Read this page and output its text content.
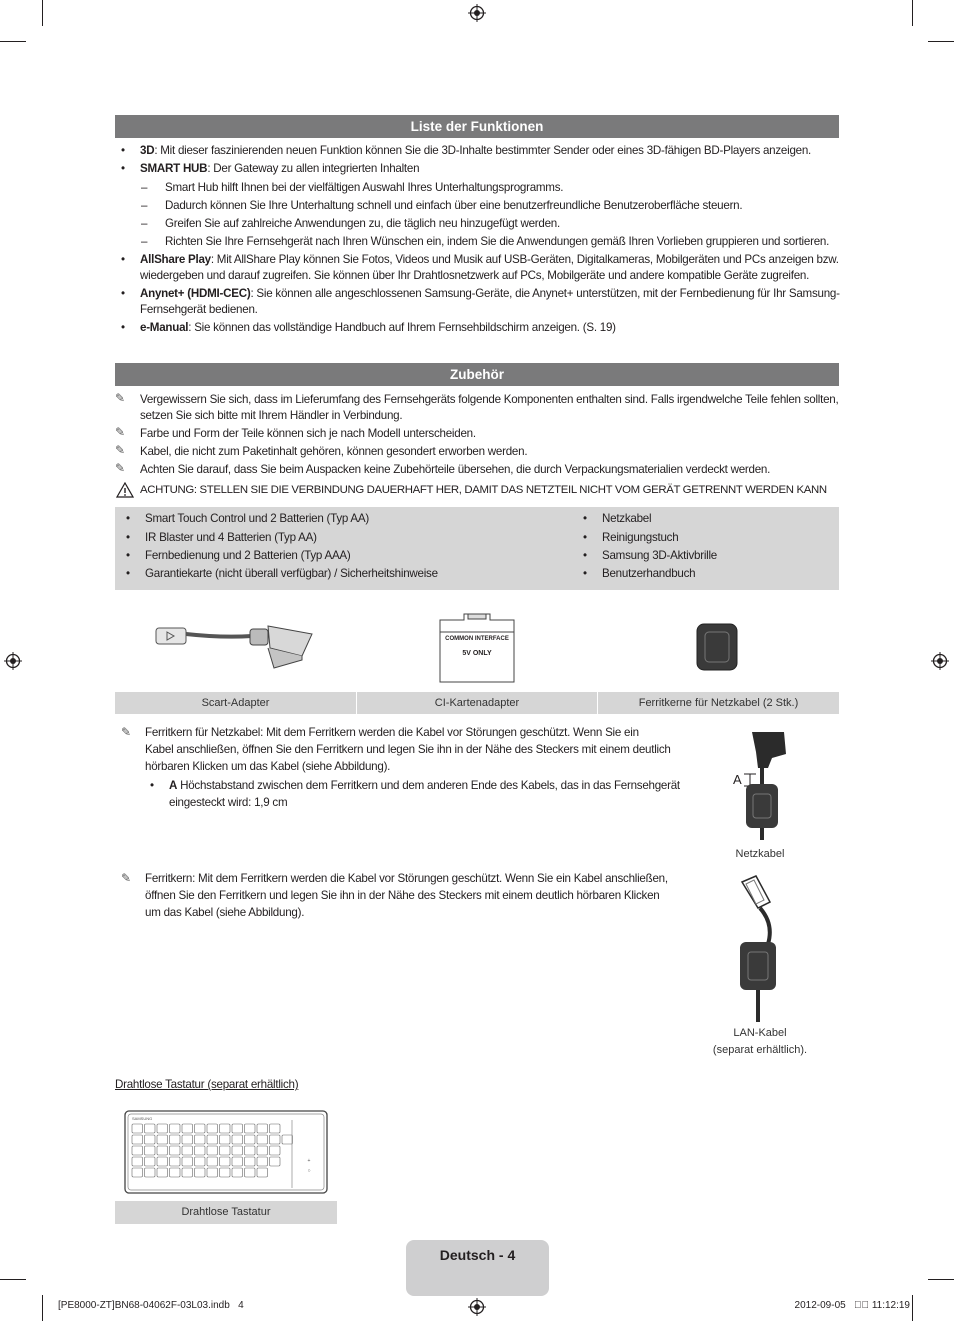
Liste der Funktionen
• 3D: Mit dieser faszinierenden neuen Funktion können Sie die 3D-Inhalte bestimmter Sender oder eines 3D-fähigen BD-Players anzeigen.
• SMART HUB: Der Gateway zu allen integrierten Inhalten
– Smart Hub hilft Ihnen bei der vielfältigen Auswahl Ihres Unterhaltungsprogramms.
– Dadurch können Sie Ihre Unterhaltung schnell und einfach über eine benutzerfreundliche Benutzeroberfläche steuern.
– Greifen Sie auf zahlreiche Anwendungen zu, die täglich neu hinzugefügt werden.
– Richten Sie Ihre Fernsehgerät nach Ihren Wünschen ein, indem Sie die Anwendungen gemäß Ihren Vorlieben gruppieren und sortieren.
• AllShare Play: Mit AllShare Play können Sie Fotos, Videos und Musik auf USB-Geräten, Digitalkameras, Mobilgeräten und PCs anzeigen bzw.
wiedergeben und darauf zugreifen. Sie können über Ihr Drahtlosnetzwerk auf PCs, Mobilgeräte und andere kompatible Geräte zugreifen.
• Anynet+ (HDMI-CEC): Sie können alle angeschlossenen Samsung-Geräte, die Anynet+ unterstützen, mit der Fernbedienung für Ihr Samsung-
Fernsehgerät bedienen.
• e-Manual: Sie können das vollständige Handbuch auf Ihrem Fernsehbildschirm anzeigen. (S. 19)
Zubehör
✎ Vergewissern Sie sich, dass im Lieferumfang des Fernsehgeräts folgende Komponenten enthalten sind. Falls irgendwelche Teile fehlen sollten,
setzen Sie sich bitte mit Ihrem Händler in Verbindung.
✎ Farbe und Form der Teile können sich je nach Modell unterscheiden.
✎ Kabel, die nicht zum Paketinhalt gehören, können gesondert erworben werden.
✎ Achten Sie darauf, dass Sie beim Auspacken keine Zubehörteile übersehen, die durch Verpackungsmaterialien verdeckt werden.
ACHTUNG: STELLEN SIE DIE VERBINDUNG DAUERHAFT HER, DAMIT DAS NETZTEIL NICHT VOM GERÄT GETRENNT WERDEN KANN
• Smart Touch Control und 2 Batterien (Typ AA)
• IR Blaster und 4 Batterien (Typ AA)
• Fernbedienung und 2 Batterien (Typ AAA)
• Garantiekarte (nicht überall verfügbar) / Sicherheitshinweise
• Netzkabel
• Reinigungstuch
• Samsung 3D-Aktivbrille
• Benutzerhandbuch
COMMON INTERFACE
5V ONLY
Scart-Adapter	CI-Kartenadapter	Ferritkerne für Netzkabel (2 Stk.)
✎ Ferritkern für Netzkabel: Mit dem Ferritkern werden die Kabel vor Störungen geschützt. Wenn Sie ein
Kabel anschließen, öffnen Sie den Ferritkern und legen Sie ihn in der Nähe des Steckers mit einem deutlich
hörbaren Klicken um das Kabel (siehe Abbildung).
• A Höchstabstand zwischen dem Ferritkern und dem anderen Ende des Kabels, das in das Fernsehgerät
eingesteckt wird: 1,9 cm
A
Netzkabel
✎ Ferritkern: Mit dem Ferritkern werden die Kabel vor Störungen geschützt. Wenn Sie ein Kabel anschließen,
öffnen Sie den Ferritkern und legen Sie ihn in der Nähe des Steckers mit einem deutlich hörbaren Klicken
um das Kabel (siehe Abbildung).
LAN-Kabel
(separat erhältlich).
Drahtlose Tastatur (separat erhältlich)
SAMSUNG
+
○
Drahtlose Tastatur
Deutsch - 4
[PE8000-ZT]BN68-04062F-03L03.indb   4	2012-09-05      11:12:19
